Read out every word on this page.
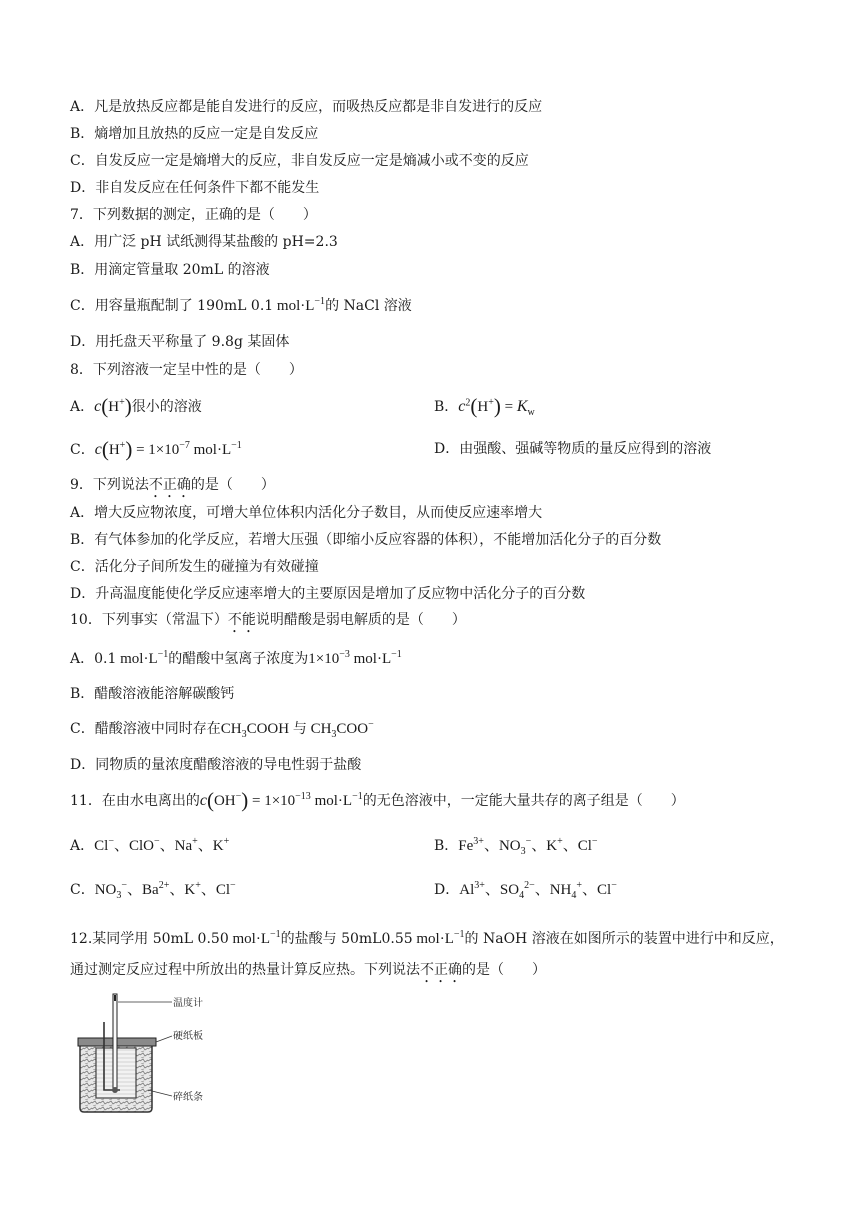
A．凡是放热反应都是能自发进行的反应，而吸热反应都是非自发进行的反应
B．熵增加且放热的反应一定是自发反应
C．自发反应一定是熵增大的反应，非自发反应一定是熵减小或不变的反应
D．非自发反应在任何条件下都不能发生
7．下列数据的测定，正确的是（　　）
A．用广泛 pH 试纸测得某盐酸的 pH=2.3
B．用滴定管量取 20mL 的溶液
C．用容量瓶配制了 190mL 0.1 $mol\cdot L^{-1}$的 NaCl 溶液
D．用托盘天平称量了 9.8g 某固体
8．下列溶液一定呈中性的是（　　）
A．c(H+)很小的溶液	B．$c^2(H^+) = K_w$
C．$c(H^+) = 1\times 10^{-7}$ $mol\cdot L^{-1}$	D．由强酸、强碱等物质的量反应得到的溶液
9．下列说法不正确的是（　　）
A．增大反应物浓度，可增大单位体积内活化分子数目，从而使反应速率增大
B．有气体参加的化学反应，若增大压强（即缩小反应容器的体积），不能增加活化分子的百分数
C．活化分子间所发生的碰撞为有效碰撞
D．升高温度能使化学反应速率增大的主要原因是增加了反应物中活化分子的百分数
10．下列事实（常温下）不能说明醋酸是弱电解质的是（　　）
A．0.1 $mol\cdot L^{-1}$的醋酸中氢离子浓度为$1\times 10^{-3}$ $mol\cdot L^{-1}$
B．醋酸溶液能溶解碳酸钙
C．醋酸溶液中同时存在$CH_3COOH$ 与 $CH_3COO^-$
D．同物质的量浓度醋酸溶液的导电性弱于盐酸
11．在由水电离出的$c(OH^-) = 1\times 10^{-13}$ $mol\cdot L^{-1}$的无色溶液中，一定能大量共存的离子组是（　　）
A．Cl−、ClO−、Na+、K+	B．$Fe^{3+}$、$NO_3^-$、K+、Cl−
C．$NO_3^-$、$Ba^{2+}$、K+、Cl−	D．$Al^{3+}$、$SO_4^{2-}$、$NH_4^+$、Cl−
12.某同学用 50mL 0.50 $mol\cdot L^{-1}$的盐酸与 50mL0.55 $mol\cdot L^{-1}$的 NaOH 溶液在如图所示的装置中进行中和反应，
通过测定反应过程中所放出的热量计算反应热。下列说法不正确的是（　　）
温度计
硬纸板
碎纸条
